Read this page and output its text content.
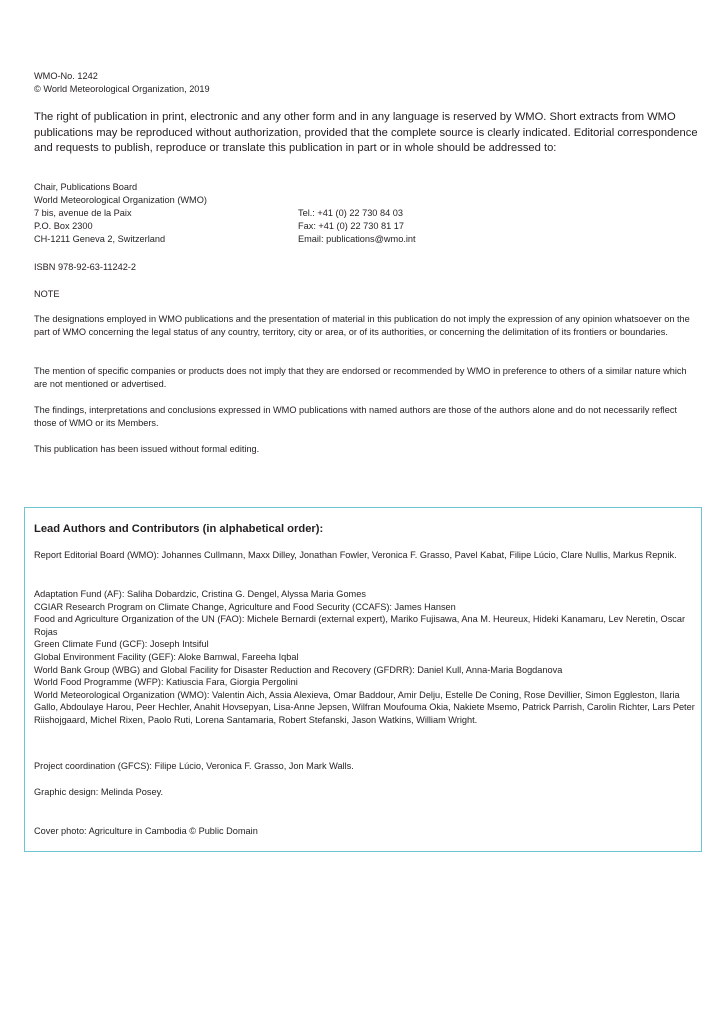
WMO-No. 1242
© World Meteorological Organization, 2019
The right of publication in print, electronic and any other form and in any language is reserved by WMO. Short extracts from WMO publications may be reproduced without authorization, provided that the complete source is clearly indicated. Editorial correspondence and requests to publish, reproduce or translate this publication in part or in whole should be addressed to:
Chair, Publications Board
World Meteorological Organization (WMO)
7 bis, avenue de la Paix
P.O. Box 2300
CH-1211 Geneva 2, Switzerland
Tel.: +41 (0) 22 730 84 03
Fax: +41 (0) 22 730 81 17
Email: publications@wmo.int
ISBN 978-92-63-11242-2
NOTE
The designations employed in WMO publications and the presentation of material in this publication do not imply the expression of any opinion whatsoever on the part of WMO concerning the legal status of any country, territory, city or area, or of its authorities, or concerning the delimitation of its frontiers or boundaries.
The mention of specific companies or products does not imply that they are endorsed or recommended by WMO in preference to others of a similar nature which are not mentioned or advertised.
The findings, interpretations and conclusions expressed in WMO publications with named authors are those of the authors alone and do not necessarily reflect those of WMO or its Members.
This publication has been issued without formal editing.
Lead Authors and Contributors (in alphabetical order):
Report Editorial Board (WMO): Johannes Cullmann, Maxx Dilley, Jonathan Fowler, Veronica F. Grasso, Pavel Kabat, Filipe Lúcio, Clare Nullis, Markus Repnik.
Adaptation Fund (AF): Saliha Dobardzic, Cristina G. Dengel, Alyssa Maria Gomes
CGIAR Research Program on Climate Change, Agriculture and Food Security (CCAFS): James Hansen
Food and Agriculture Organization of the UN (FAO): Michele Bernardi (external expert), Mariko Fujisawa, Ana M. Heureux, Hideki Kanamaru, Lev Neretin, Oscar Rojas
Green Climate Fund (GCF): Joseph Intsiful
Global Environment Facility (GEF): Aloke Barnwal, Fareeha Iqbal
World Bank Group (WBG) and Global Facility for Disaster Reduction and Recovery (GFDRR): Daniel Kull, Anna-Maria Bogdanova
World Food Programme (WFP): Katiuscia Fara, Giorgia Pergolini
World Meteorological Organization (WMO): Valentin Aich, Assia Alexieva, Omar Baddour, Amir Delju, Estelle De Coning, Rose Devillier, Simon Eggleston, Ilaria Gallo, Abdoulaye Harou, Peer Hechler, Anahit Hovsepyan, Lisa-Anne Jepsen, Wilfran Moufouma Okia, Nakiete Msemo, Patrick Parrish, Carolin Richter, Lars Peter Riishojgaard, Michel Rixen, Paolo Ruti, Lorena Santamaria, Robert Stefanski, Jason Watkins, William Wright.
Project coordination (GFCS): Filipe Lúcio, Veronica F. Grasso, Jon Mark Walls.
Graphic design: Melinda Posey.
Cover photo: Agriculture in Cambodia © Public Domain
